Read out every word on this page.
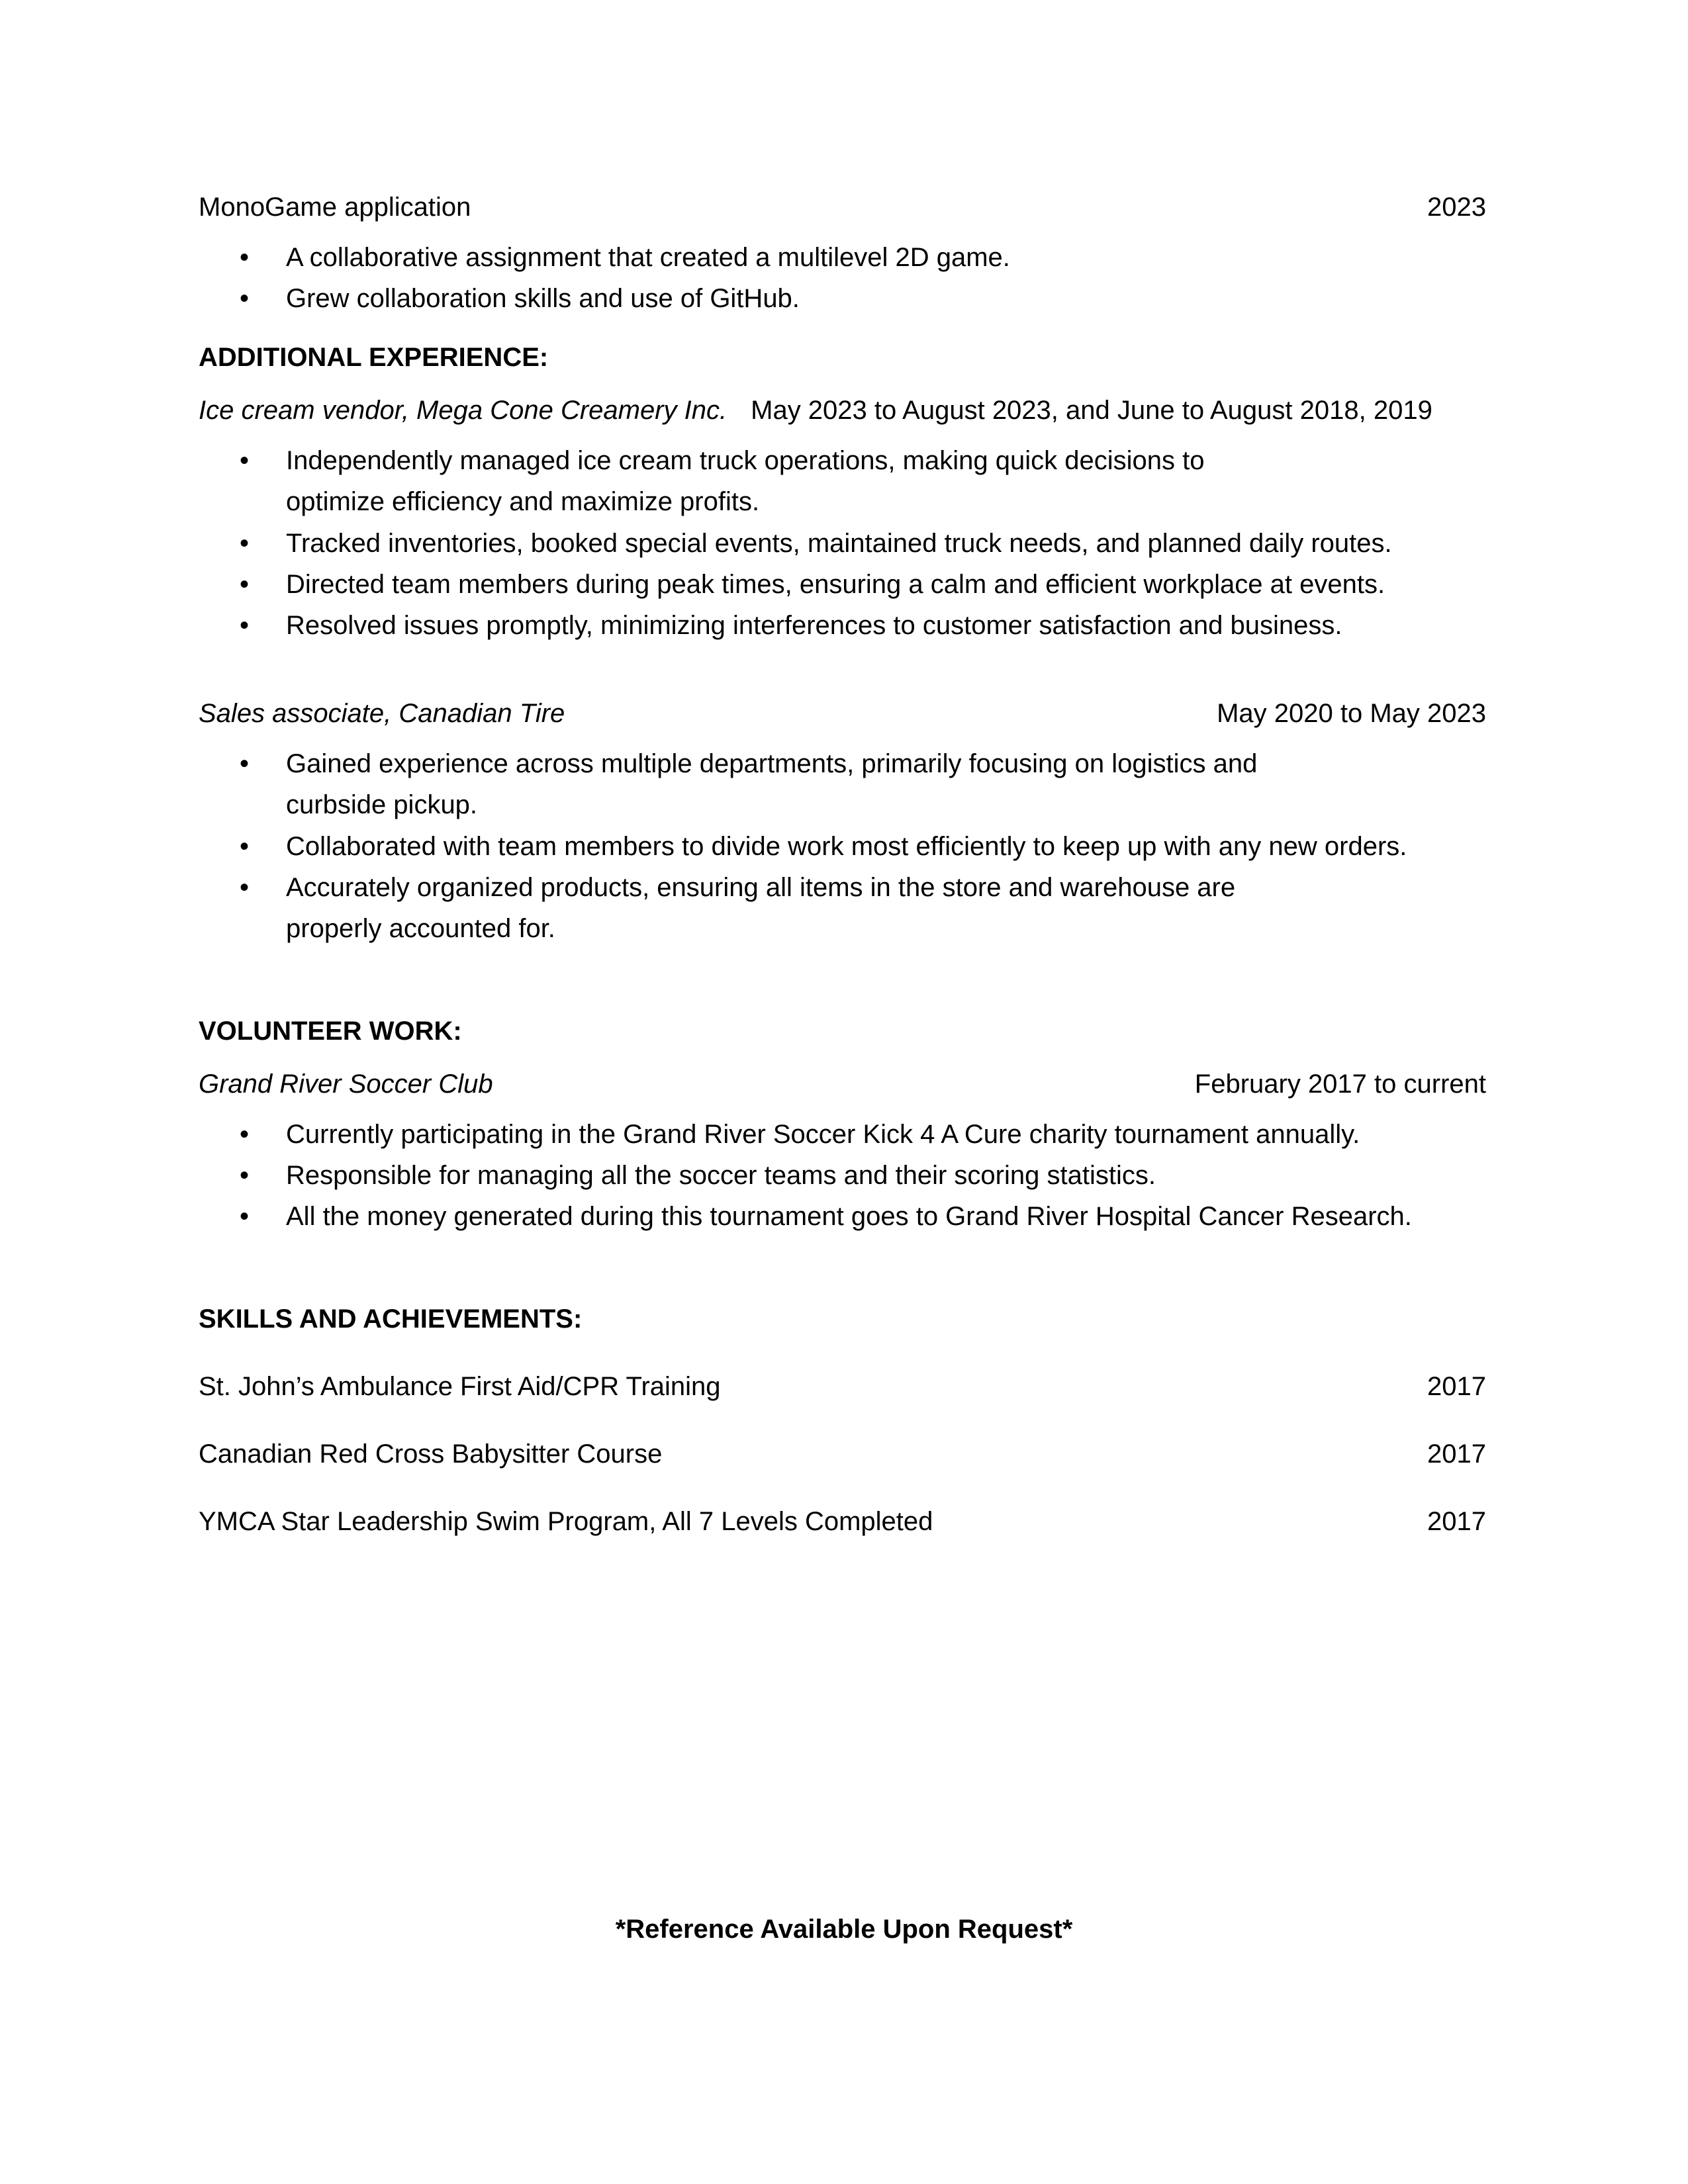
MonoGame application	2023
• A collaborative assignment that created a multilevel 2D game.
• Grew collaboration skills and use of GitHub.
ADDITIONAL EXPERIENCE:
Ice cream vendor, Mega Cone Creamery Inc. May 2023 to August 2023, and June to August 2018, 2019
• Independently managed ice cream truck operations, making quick decisions to optimize efficiency and maximize profits.
• Tracked inventories, booked special events, maintained truck needs, and planned daily routes.
• Directed team members during peak times, ensuring a calm and efficient workplace at events.
• Resolved issues promptly, minimizing interferences to customer satisfaction and business.
Sales associate, Canadian Tire	May 2020 to May 2023
• Gained experience across multiple departments, primarily focusing on logistics and curbside pickup.
• Collaborated with team members to divide work most efficiently to keep up with any new orders.
• Accurately organized products, ensuring all items in the store and warehouse are properly accounted for.
VOLUNTEER WORK:
Grand River Soccer Club	February 2017 to current
• Currently participating in the Grand River Soccer Kick 4 A Cure charity tournament annually.
• Responsible for managing all the soccer teams and their scoring statistics.
• All the money generated during this tournament goes to Grand River Hospital Cancer Research.
SKILLS AND ACHIEVEMENTS:
St. John’s Ambulance First Aid/CPR Training	2017
Canadian Red Cross Babysitter Course	2017
YMCA Star Leadership Swim Program, All 7 Levels Completed	2017
*Reference Available Upon Request*
